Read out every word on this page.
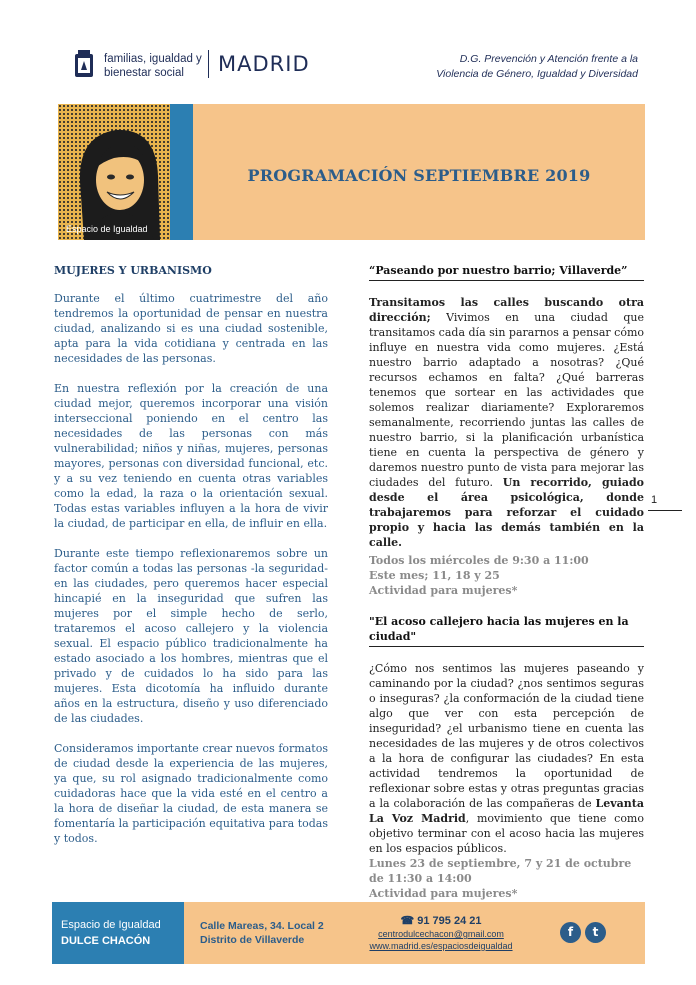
familias, igualdad y
bienestar social	MADRID	D.G. Prevención y Atención frente a la
Violencia de Género, Igualdad y Diversidad
Espacio de Igualdad
PROGRAMACIÓN SEPTIEMBRE 2019
MUJERES Y URBANISMO

Durante el último cuatrimestre del año tendremos la oportunidad de pensar en nuestra ciudad, analizando si es una ciudad sostenible, apta para la vida cotidiana y centrada en las necesidades de las personas.

En nuestra reflexión por la creación de una ciudad mejor, queremos incorporar una visión interseccional poniendo en el centro las necesidades de las personas con más vulnerabilidad; niños y niñas, mujeres, personas mayores, personas con diversidad funcional, etc. y a su vez teniendo en cuenta otras variables como la edad, la raza o la orientación sexual. Todas estas variables influyen a la hora de vivir la ciudad, de participar en ella, de influir en ella.

Durante este tiempo reflexionaremos sobre un factor común a todas las personas -la seguridad- en las ciudades, pero queremos hacer especial hincapié en la inseguridad que sufren las mujeres por el simple hecho de serlo, trataremos el acoso callejero y la violencia sexual. El espacio público tradicionalmente ha estado asociado a los hombres, mientras que el privado y de cuidados lo ha sido para las mujeres. Esta dicotomía ha influido durante años en la estructura, diseño y uso diferenciado de las ciudades.

Consideramos importante crear nuevos formatos de ciudad desde la experiencia de las mujeres, ya que, su rol asignado tradicionalmente como cuidadoras hace que la vida esté en el centro a la hora de diseñar la ciudad, de esta manera se fomentaría la participación equitativa para todas y todos.

“Paseando por nuestro barrio; Villaverde”
Transitamos las calles buscando otra dirección; Vivimos en una ciudad que transitamos cada día sin pararnos a pensar cómo influye en nuestra vida como mujeres. ¿Está nuestro barrio adaptado a nosotras? ¿Qué recursos echamos en falta? ¿Qué barreras tenemos que sortear en las actividades que solemos realizar diariamente? Exploraremos semanalmente, recorriendo juntas las calles de nuestro barrio, si la planificación urbanística tiene en cuenta la perspectiva de género y daremos nuestro punto de vista para mejorar las ciudades del futuro. Un recorrido, guiado desde el área psicológica, donde trabajaremos para reforzar el cuidado propio y hacia las demás también en la calle.
Todos los miércoles de 9:30 a 11:00
Este mes; 11, 18 y 25
Actividad para mujeres*
"El acoso callejero hacia las mujeres en la ciudad"
¿Cómo nos sentimos las mujeres paseando y caminando por la ciudad? ¿nos sentimos seguras o inseguras? ¿la conformación de la ciudad tiene algo que ver con esta percepción de inseguridad? ¿el urbanismo tiene en cuenta las necesidades de las mujeres y de otros colectivos a la hora de configurar las ciudades? En esta actividad tendremos la oportunidad de reflexionar sobre estas y otras preguntas gracias a la colaboración de las compañeras de Levanta La Voz Madrid, movimiento que tiene como objetivo terminar con el acoso hacia las mujeres en los espacios públicos.
Lunes 23 de septiembre, 7 y 21 de octubre de 11:30 a 14:00
Actividad para mujeres*
1
Espacio de Igualdad
DULCE CHACÓN
Calle Mareas, 34. Local 2
Distrito de Villaverde
☎ 91 795 24 21
centrodulcechacon@gmail.com
www.madrid.es/espaciosdeigualdad
f	t
